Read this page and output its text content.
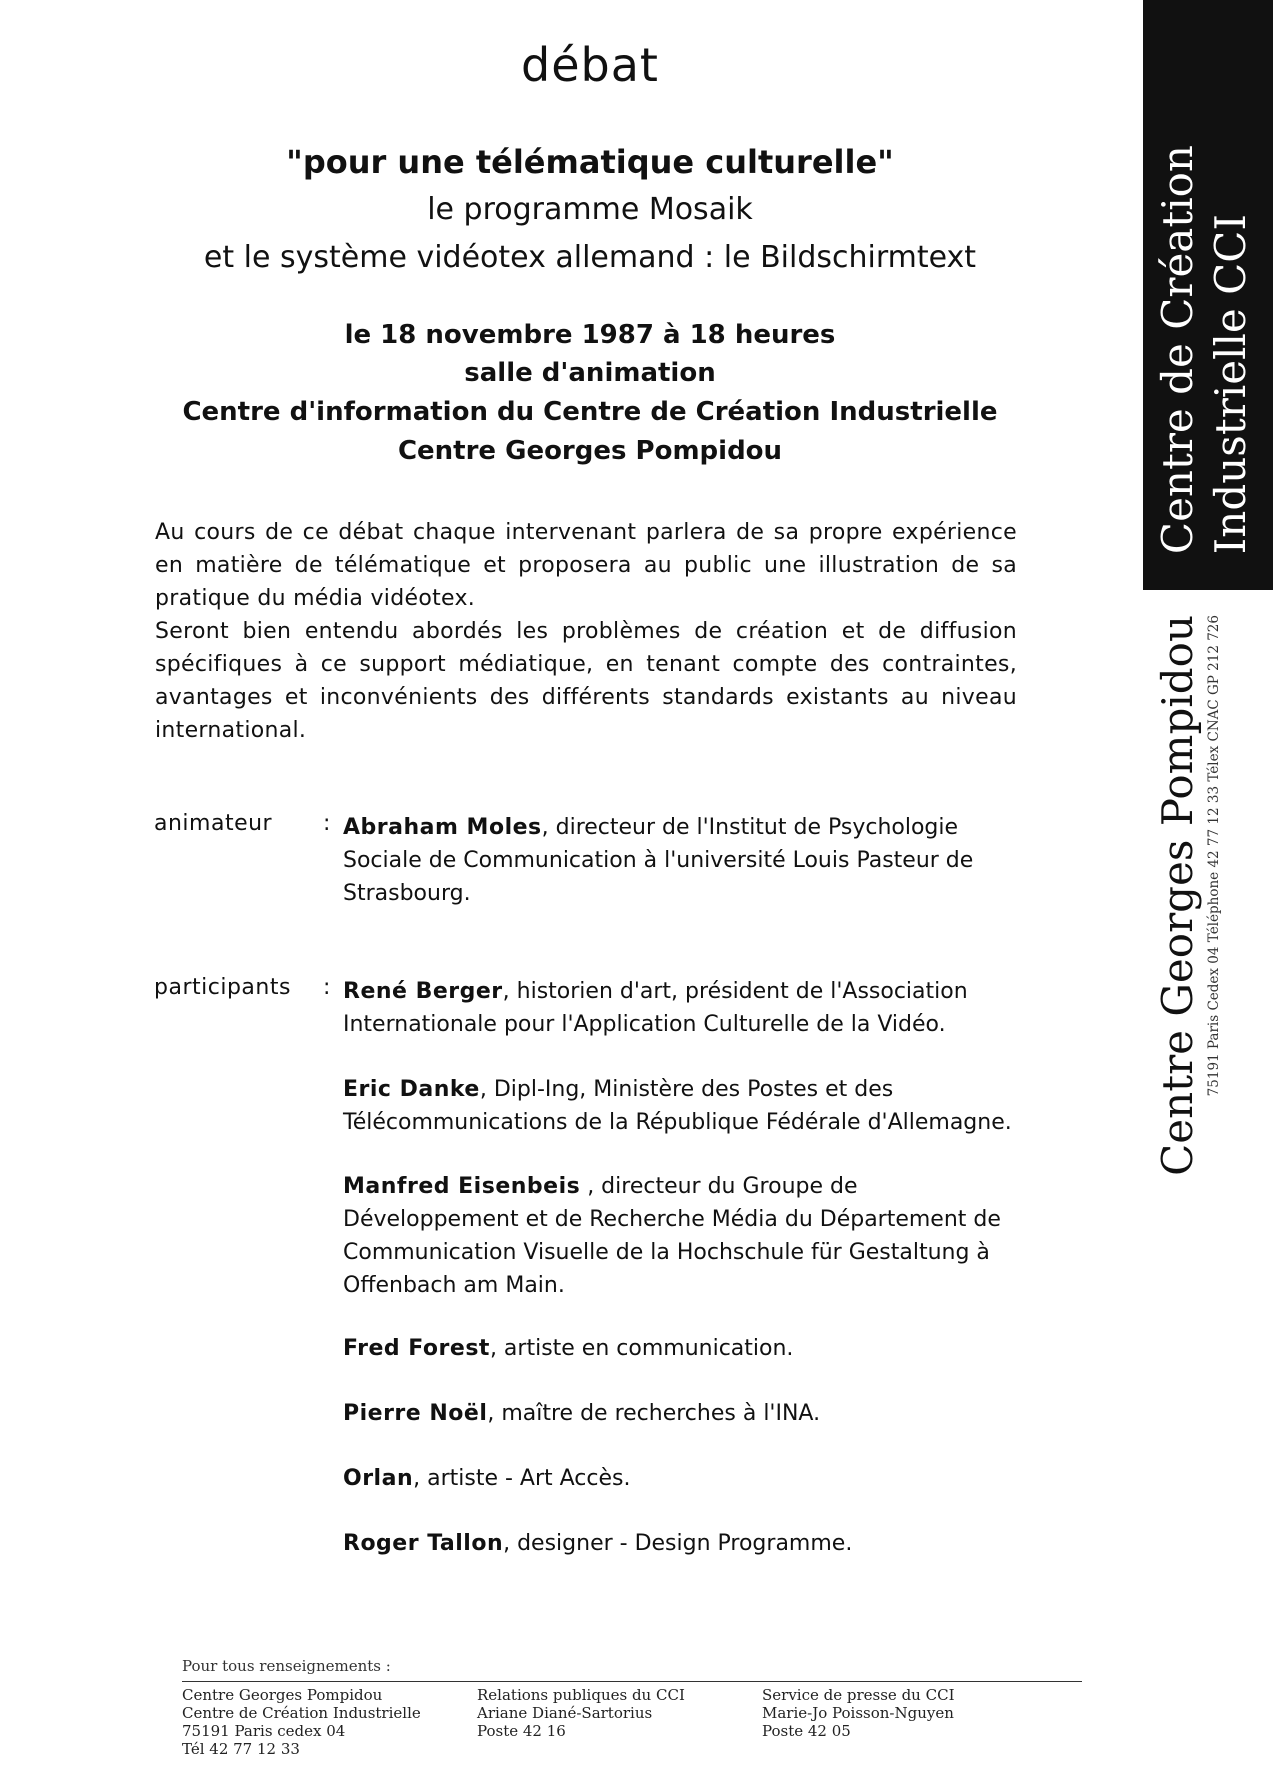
débat
"pour une télématique culturelle"
le programme Mosaik
et le système vidéotex allemand : le Bildschirmtext
le 18 novembre 1987 à 18 heures
salle d'animation
Centre d'information du Centre de Création Industrielle
Centre Georges Pompidou

Au cours de ce débat chaque intervenant parlera de sa propre expérience en matière de télématique et proposera au public une illustration de sa pratique du média vidéotex.

Seront bien entendu abordés les problèmes de création et de diffusion spécifiques à ce support médiatique, en tenant compte des contraintes, avantages et inconvénients des différents standards existants au niveau international.

animateur : Abraham Moles, directeur de l'Institut de Psychologie Sociale de Communication à l'université Louis Pasteur de Strasbourg.
participants : René Berger, historien d'art, président de l'Association Internationale pour l'Application Culturelle de la Vidéo.
Eric Danke, Dipl-Ing, Ministère des Postes et des Télécommunications de la République Fédérale d'Allemagne.
Manfred Eisenbeis , directeur du Groupe de Développement et de Recherche Média du Département de Communication Visuelle de la Hochschule für Gestaltung à Offenbach am Main.
Fred Forest, artiste en communication.
Pierre Noël, maître de recherches à l'INA.
Orlan, artiste - Art Accès.
Roger Tallon, designer - Design Programme.
Centre de Création Industrielle CCI
Centre Georges Pompidou 75191 Paris Cedex 04 Téléphone 42 77 12 33 Télex CNAC GP 212 726
Pour tous renseignements :
Centre Georges Pompidou
Centre de Création Industrielle
75191 Paris cedex 04
Tél 42 77 12 33
Relations publiques du CCI
Ariane Diané-Sartorius
Poste 42 16
Service de presse du CCI
Marie-Jo Poisson-Nguyen
Poste 42 05
